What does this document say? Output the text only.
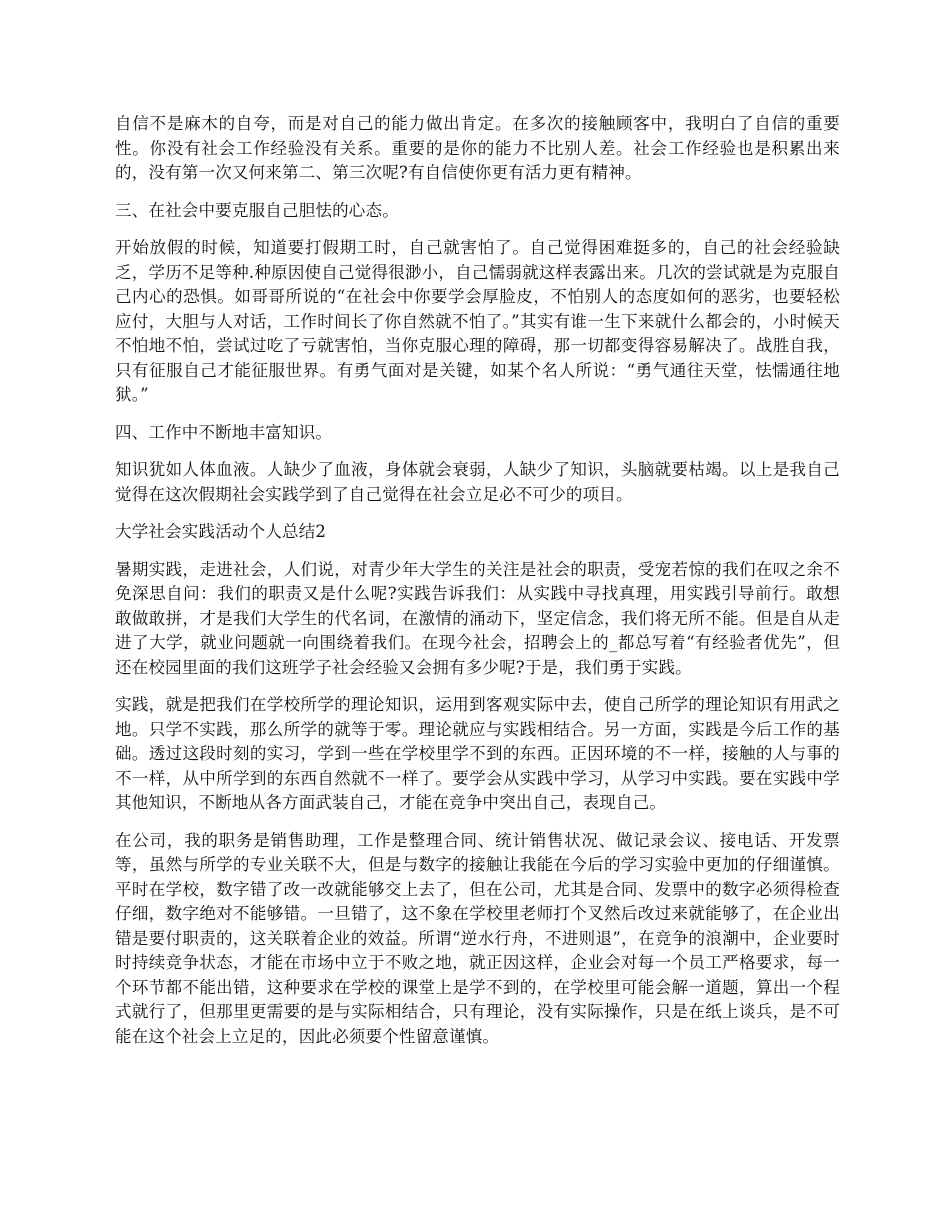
自信不是麻木的自夸，而是对自己的能力做出肯定。在多次的接触顾客中，我明白了自信的重要性。你没有社会工作经验没有关系。重要的是你的能力不比别人差。社会工作经验也是积累出来的，没有第一次又何来第二、第三次呢?有自信使你更有活力更有精神。

三、在社会中要克服自己胆怯的心态。

开始放假的时候，知道要打假期工时，自己就害怕了。自己觉得困难挺多的，自己的社会经验缺乏，学历不足等种.种原因使自己觉得很渺小，自己懦弱就这样表露出来。几次的尝试就是为克服自己内心的恐惧。如哥哥所说的“在社会中你要学会厚脸皮，不怕别人的态度如何的恶劣，也要轻松应付，大胆与人对话，工作时间长了你自然就不怕了。”其实有谁一生下来就什么都会的，小时候天不怕地不怕，尝试过吃了亏就害怕，当你克服心理的障碍，那一切都变得容易解决了。战胜自我，只有征服自己才能征服世界。有勇气面对是关键，如某个名人所说：“勇气通往天堂，怯懦通往地狱。”

四、工作中不断地丰富知识。

知识犹如人体血液。人缺少了血液，身体就会衰弱，人缺少了知识，头脑就要枯竭。以上是我自己觉得在这次假期社会实践学到了自己觉得在社会立足必不可少的项目。

大学社会实践活动个人总结2

暑期实践，走进社会，人们说，对青少年大学生的关注是社会的职责，受宠若惊的我们在叹之余不免深思自问：我们的职责又是什么呢?实践告诉我们：从实践中寻找真理，用实践引导前行。敢想敢做敢拼，才是我们大学生的代名词，在激情的涌动下，坚定信念，我们将无所不能。但是自从走进了大学，就业问题就一向围绕着我们。在现今社会，招聘会上的_都总写着“有经验者优先”，但还在校园里面的我们这班学子社会经验又会拥有多少呢?于是，我们勇于实践。

实践，就是把我们在学校所学的理论知识，运用到客观实际中去，使自己所学的理论知识有用武之地。只学不实践，那么所学的就等于零。理论就应与实践相结合。另一方面，实践是今后工作的基础。透过这段时刻的实习，学到一些在学校里学不到的东西。正因环境的不一样，接触的人与事的不一样，从中所学到的东西自然就不一样了。要学会从实践中学习，从学习中实践。要在实践中学其他知识，不断地从各方面武装自己，才能在竞争中突出自己，表现自己。

在公司，我的职务是销售助理，工作是整理合同、统计销售状况、做记录会议、接电话、开发票等，虽然与所学的专业关联不大，但是与数字的接触让我能在今后的学习实验中更加的仔细谨慎。平时在学校，数字错了改一改就能够交上去了，但在公司，尤其是合同、发票中的数字必须得检查仔细，数字绝对不能够错。一旦错了，这不象在学校里老师打个叉然后改过来就能够了，在企业出错是要付职责的，这关联着企业的效益。所谓“逆水行舟，不进则退”，在竞争的浪潮中，企业要时时持续竞争状态，才能在市场中立于不败之地，就正因这样，企业会对每一个员工严格要求，每一个环节都不能出错，这种要求在学校的课堂上是学不到的，在学校里可能会解一道题，算出一个程式就行了，但那里更需要的是与实际相结合，只有理论，没有实际操作，只是在纸上谈兵，是不可能在这个社会上立足的，因此必须要个性留意谨慎。
